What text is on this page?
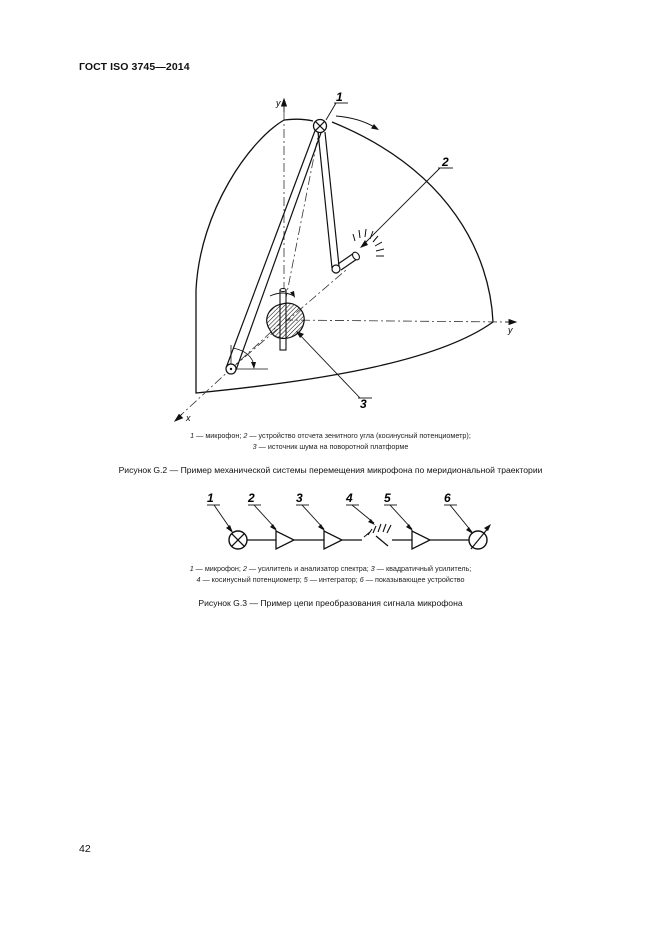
ГОСТ ISO 3745—2014
y
y
x
1
2
3
1 — микрофон; 2 — устройство отсчета зенитного угла (косинусный потенциометр);
3 — источник шума на поворотной платформе
Рисунок G.2 — Пример механической системы перемещения микрофона по меридиональной траектории
1	2	3	4	5	6
1 — микрофон; 2 — усилитель и анализатор спектра; 3 — квадратичный усилитель;
4 — косинусный потенциометр; 5 — интегратор; 6 — показывающее устройство
Рисунок G.3 — Пример цепи преобразования сигнала микрофона
42
